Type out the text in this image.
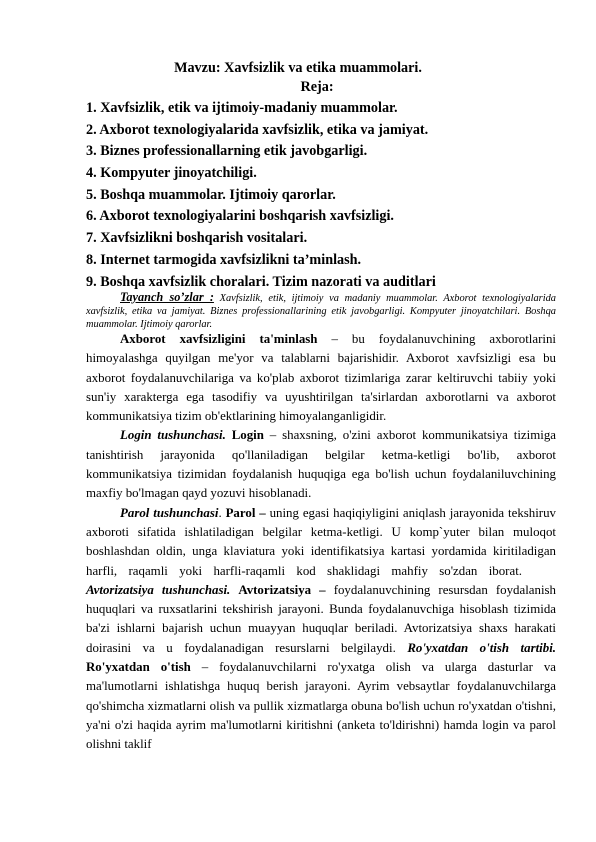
Mavzu: Xavfsizlik va etika muammolari.
Reja:
1. Xavfsizlik, etik va ijtimoiy-madaniy muammolar.
2. Axborot texnologiyalarida xavfsizlik, etika va jamiyat.
3. Biznes professionallarning etik javobgarligi.
4. Kompyuter jinoyatchiligi.
5. Boshqa muammolar. Ijtimoiy qarorlar.
6. Axborot texnologiyalarini boshqarish xavfsizligi.
7. Xavfsizlikni boshqarish vositalari.
8. Internet tarmogida xavfsizlikni ta’minlash.
9. Boshqa xavfsizlik choralari. Tizim nazorati va auditlari

Tayanch so’zlar : Xavfsizlik, etik, ijtimoiy va madaniy muammolar. Axborot texnologiyalarida xavfsizlik, etika va jamiyat. Biznes professionallarining etik javobgarligi. Kompyuter jinoyatchilari. Boshqa muammolar. Ijtimoiy qarorlar.

Axborot xavfsizligini ta'minlash – bu foydalanuvchining axborotlarini himoyalashga quyilgan me'yor va talablarni bajarishidir. Axborot xavfsizligi esa bu axborot foydalanuvchilariga va ko'plab axborot tizimlariga zarar keltiruvchi tabiiy yoki sun'iy xarakterga ega tasodifiy va uyushtirilgan ta'sirlardan axborotlarni va axborot kommunikatsiya tizim ob'ektlarining himoyalanganligidir.

Login tushunchasi. Login – shaxsning, o'zini axborot kommunikatsiya tizimiga tanishtirish jarayonida qo'llaniladigan belgilar ketma-ketligi bo'lib, axborot kommunikatsiya tizimidan foydalanish huquqiga ega bo'lish uchun foydalaniluvchining maxfiy bo'lmagan qayd yozuvi hisoblanadi.

Parol tushunchasi. Parol – uning egasi haqiqiyligini aniqlash jarayonida tekshiruv axboroti sifatida ishlatiladigan belgilar ketma-ketligi. U komp`yuter bilan muloqot boshlashdan oldin, unga klaviatura yoki identifikatsiya kartasi yordamida kiritiladigan harfli, raqamli yoki harfli-raqamli kod shaklidagi mahfiy so'zdan iborat.Avtorizatsiya tushunchasi. Avtorizatsiya – foydalanuvchining resursdan foydalanish huquqlari va ruxsatlarini tekshirish jarayoni. Bunda foydalanuvchiga hisoblash tizimida ba'zi ishlarni bajarish uchun muayyan huquqlar beriladi. Avtorizatsiya shaxs harakati doirasini va u foydalanadigan resurslarni belgilaydi. Ro'yxatdan o'tish tartibi. Ro'yxatdan o'tish – foydalanuvchilarni ro'yxatga olish va ularga dasturlar va ma'lumotlarni ishlatishga huquq berish jarayoni. Ayrim vebsaytlar foydalanuvchilarga qo'shimcha xizmatlarni olish va pullik xizmatlarga obuna bo'lish uchun ro'yxatdan o'tishni, ya'ni o'zi haqida ayrim ma'lumotlarni kiritishni (anketa to'ldirishni) hamda login va parol olishni taklif
